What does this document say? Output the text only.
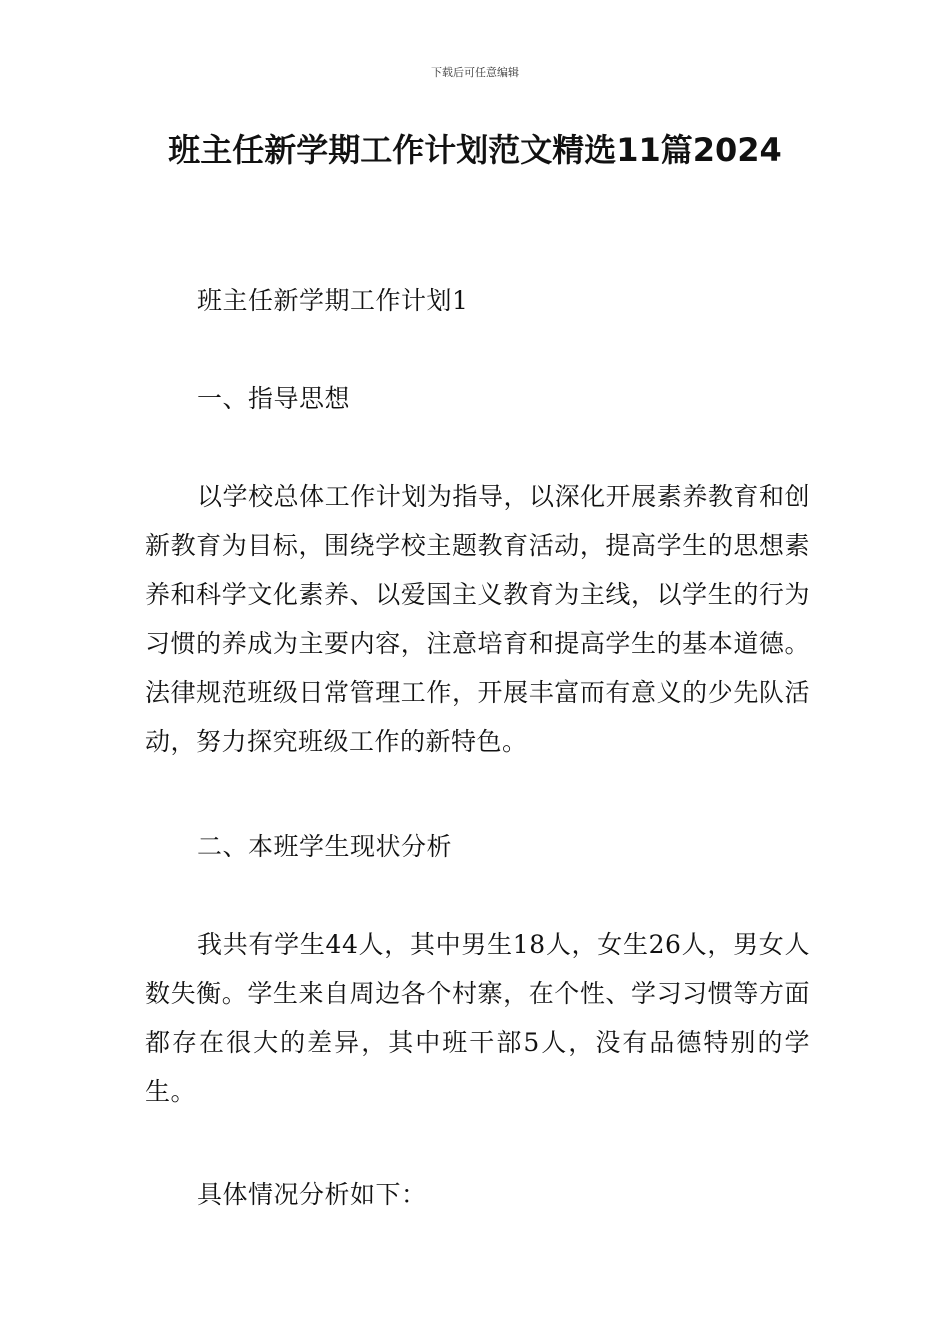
下载后可任意编辑
班主任新学期工作计划范文精选11篇2024

班主任新学期工作计划1

一、指导思想

以学校总体工作计划为指导，以深化开展素养教育和创新教育为目标，围绕学校主题教育活动，提高学生的思想素养和科学文化素养、以爱国主义教育为主线，以学生的行为习惯的养成为主要内容，注意培育和提高学生的基本道德。法律规范班级日常管理工作，开展丰富而有意义的少先队活动，努力探究班级工作的新特色。

二、本班学生现状分析

我共有学生44人，其中男生18人，女生26人，男女人数失衡。学生来自周边各个村寨，在个性、学习习惯等方面都存在很大的差异，其中班干部5人，没有品德特别的学生。

具体情况分析如下：
